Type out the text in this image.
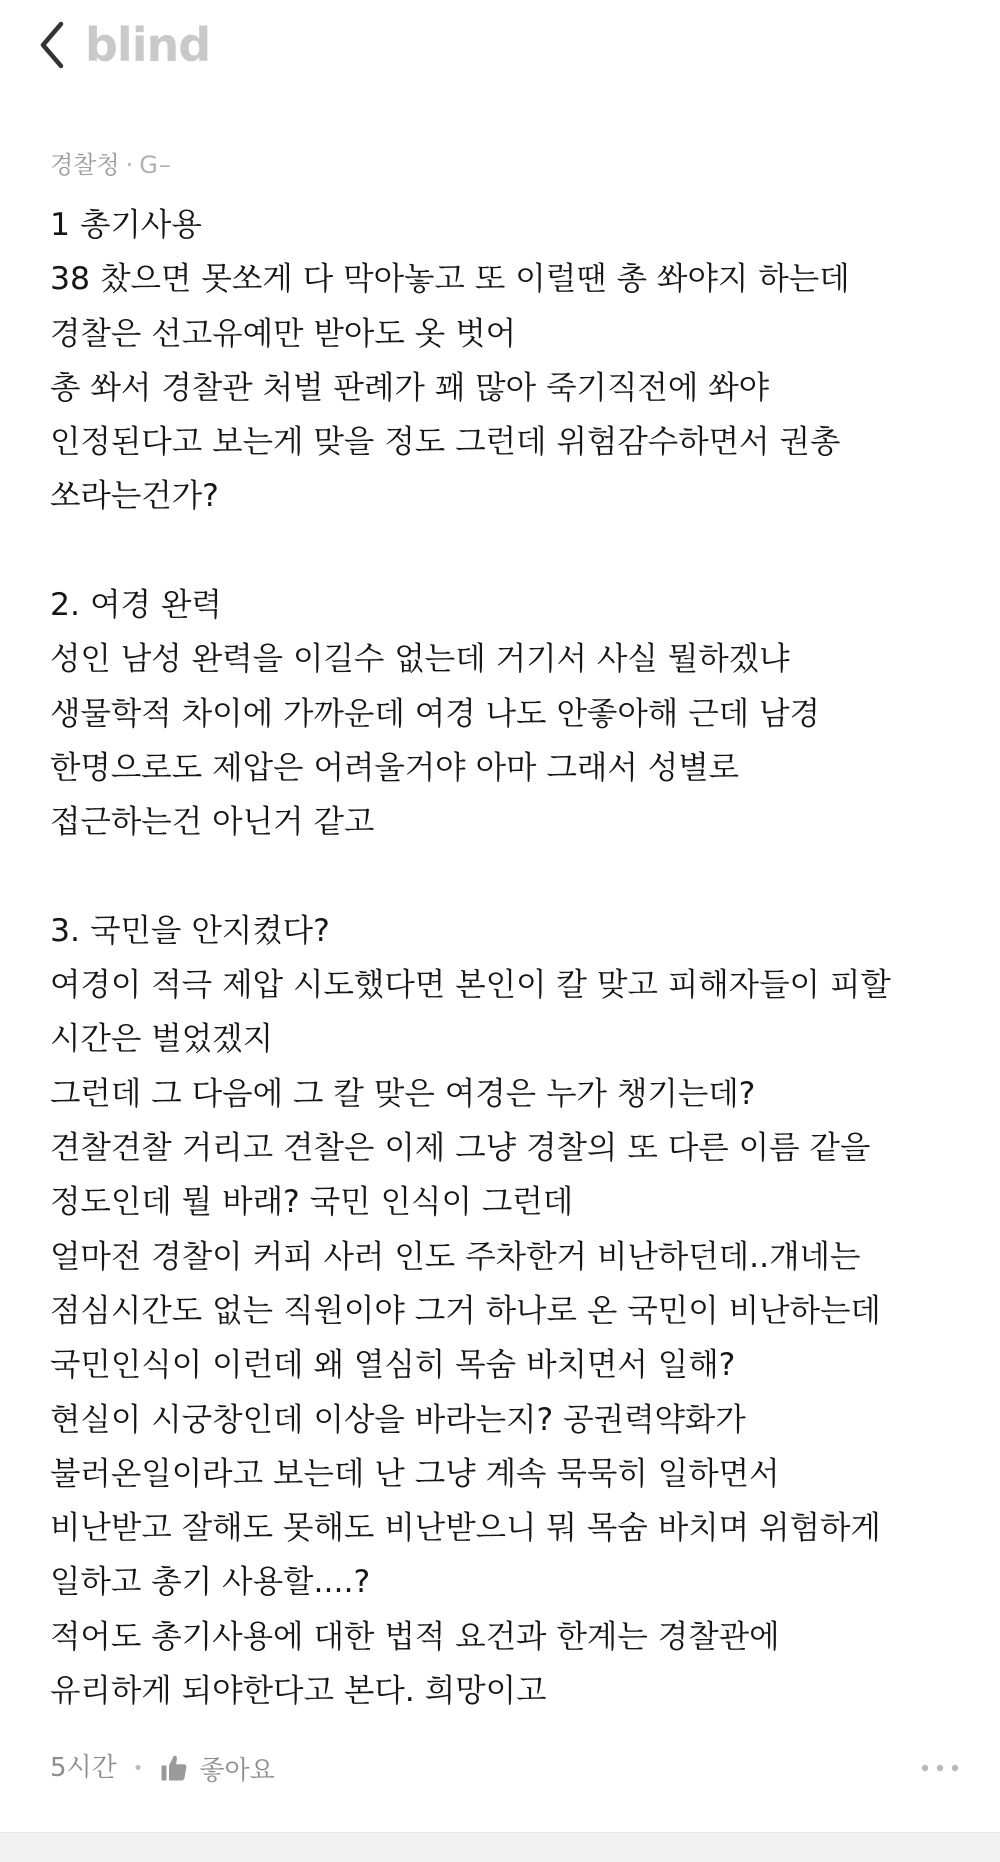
blind
경찰청 · G–
1 총기사용
38 찼으면 못쏘게 다 막아놓고 또 이럴땐 총 쏴야지 하는데
경찰은 선고유예만 받아도 옷 벗어
총 쏴서 경찰관 처벌 판례가 꽤 많아 죽기직전에 쏴야
인정된다고 보는게 맞을 정도 그런데 위험감수하면서 권총
쏘라는건가?
2. 여경 완력
성인 남성 완력을 이길수 없는데 거기서 사실 뭘하겠냐
생물학적 차이에 가까운데 여경 나도 안좋아해 근데 남경
한명으로도 제압은 어려울거야 아마 그래서 성별로
접근하는건 아닌거 같고
3. 국민을 안지켰다?
여경이 적극 제압 시도했다면 본인이 칼 맞고 피해자들이 피할
시간은 벌었겠지
그런데 그 다음에 그 칼 맞은 여경은 누가 챙기는데?
견찰견찰 거리고 견찰은 이제 그냥 경찰의 또 다른 이름 같을
정도인데 뭘 바래? 국민 인식이 그런데
얼마전 경찰이 커피 사러 인도 주차한거 비난하던데..걔네는
점심시간도 없는 직원이야 그거 하나로 온 국민이 비난하는데
국민인식이 이런데 왜 열심히 목숨 바치면서 일해?
현실이 시궁창인데 이상을 바라는지? 공권력약화가
불러온일이라고 보는데 난 그냥 계속 묵묵히 일하면서
비난받고 잘해도 못해도 비난받으니 뭐 목숨 바치며 위험하게
일하고 총기 사용할....?
적어도 총기사용에 대한 법적 요건과 한계는 경찰관에
유리하게 되야한다고 본다. 희망이고
5시간 • 좋아요
